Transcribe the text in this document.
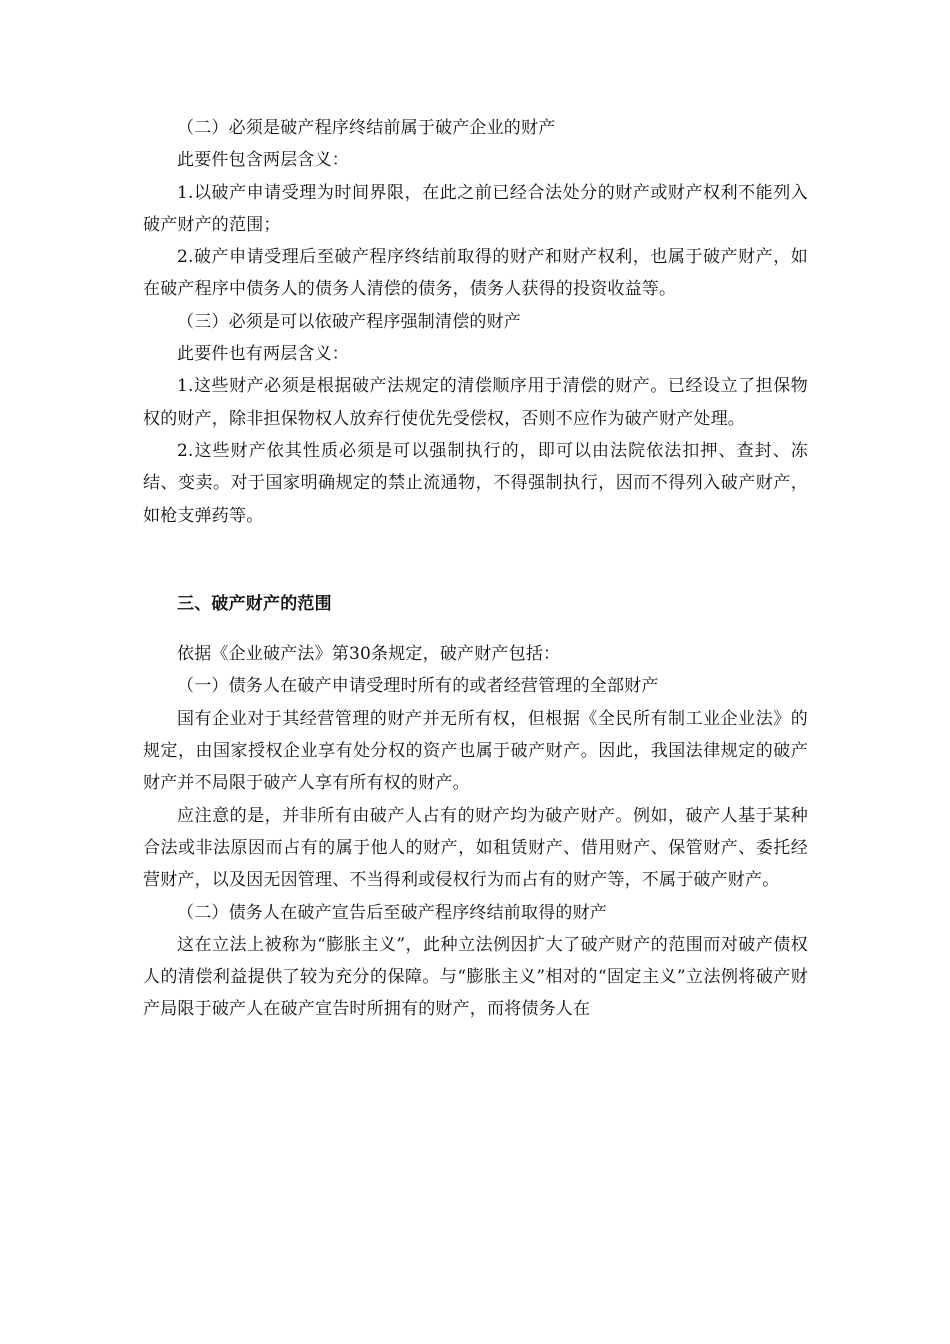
（二）必须是破产程序终结前属于破产企业的财产

此要件包含两层含义：

1.以破产申请受理为时间界限，在此之前已经合法处分的财产或财产权利不能列入破产财产的范围；

2.破产申请受理后至破产程序终结前取得的财产和财产权利，也属于破产财产，如在破产程序中债务人的债务人清偿的债务，债务人获得的投资收益等。

（三）必须是可以依破产程序强制清偿的财产

此要件也有两层含义：

1.这些财产必须是根据破产法规定的清偿顺序用于清偿的财产。已经设立了担保物权的财产，除非担保物权人放弃行使优先受偿权，否则不应作为破产财产处理。

2.这些财产依其性质必须是可以强制执行的，即可以由法院依法扣押、查封、冻结、变卖。对于国家明确规定的禁止流通物，不得强制执行，因而不得列入破产财产，如枪支弹药等。

三、破产财产的范围

依据《企业破产法》第30条规定，破产财产包括：

（一）债务人在破产申请受理时所有的或者经营管理的全部财产

国有企业对于其经营管理的财产并无所有权，但根据《全民所有制工业企业法》的规定，由国家授权企业享有处分权的资产也属于破产财产。因此，我国法律规定的破产财产并不局限于破产人享有所有权的财产。

应注意的是，并非所有由破产人占有的财产均为破产财产。例如，破产人基于某种合法或非法原因而占有的属于他人的财产，如租赁财产、借用财产、保管财产、委托经营财产，以及因无因管理、不当得利或侵权行为而占有的财产等，不属于破产财产。

（二）债务人在破产宣告后至破产程序终结前取得的财产

这在立法上被称为“膨胀主义”，此种立法例因扩大了破产财产的范围而对破产债权人的清偿利益提供了较为充分的保障。与“膨胀主义”相对的“固定主义”立法例将破产财产局限于破产人在破产宣告时所拥有的财产，而将债务人在
